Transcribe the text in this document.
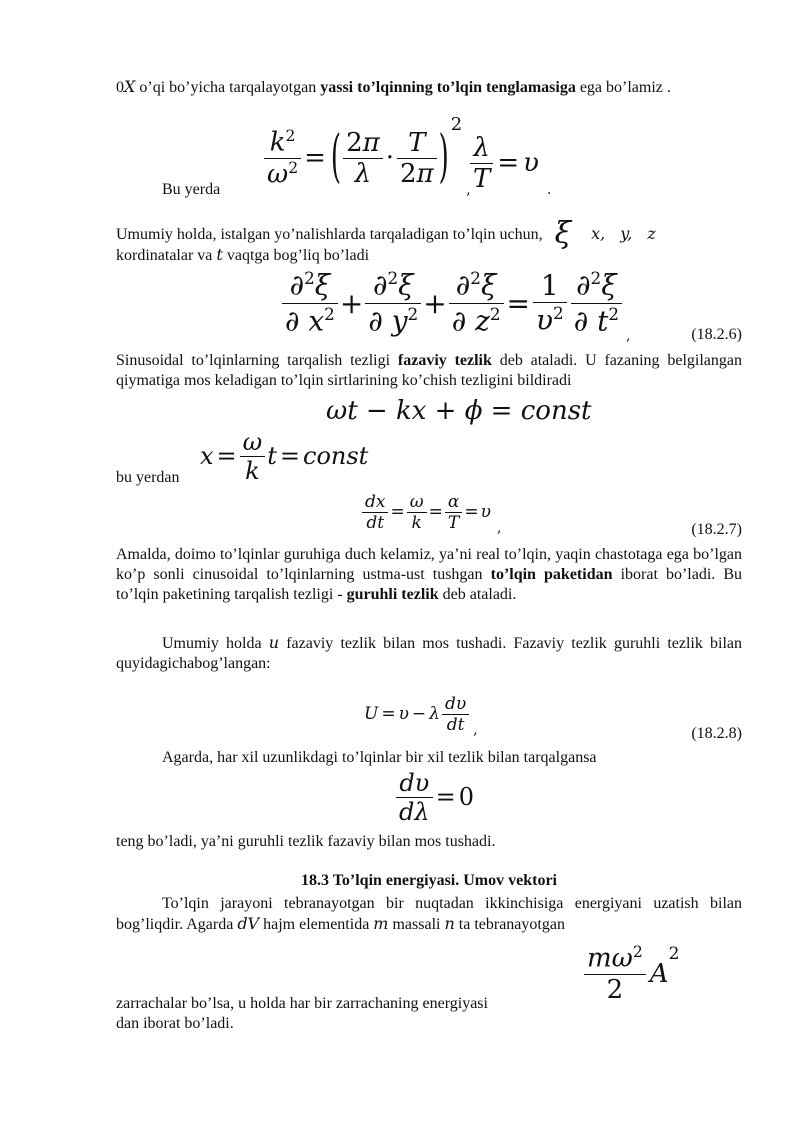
0X o’qi bo’yicha tarqalayotgan yassi to’lqinning to’lqin tenglamasiga ega bo’lamiz .
Bu yerda
$\frac{k^2}{\omega^2}$ = ( $\frac{2\pi}{\lambda} \cdot \frac{T}{2\pi}$ )
$^2$
, $\frac{\lambda}{T} = \upsilon$
.
Umumiy holda, istalgan yo’nalishlarda tarqaladigan to’lqin uchun, ξ x, y, z
kordinatalar va t vaqtga bog’liq bo’ladi
$\frac{\partial^2\xi}{\partial x^2} + \frac{\partial^2\xi}{\partial y^2} + \frac{\partial^2\xi}{\partial z^2} = \frac{1}{\upsilon^2} \frac{\partial^2\xi}{\partial t^2}$ ,	(18.2.6)
Sinusoidal to’lqinlarning tarqalish tezligi fazaviy tezlik deb ataladi. U fazaning belgilangan qiymatiga mos keladigan to’lqin sirtlarining ko’chish tezligini bildiradi
ωt − kx + ϕ = const
$x = \frac{\omega}{k}$ t = const
bu yerdan
$\frac{dx}{dt} = \frac{\omega}{k} = \frac{\alpha}{T} = \upsilon$
,	(18.2.7)
Amalda, doimo to’lqinlar guruhiga duch kelamiz, ya’ni real to’lqin, yaqin chastotaga ega bo’lgan ko’p sonli cinusoidal to’lqinlarning ustma-ust tushgan to’lqin paketidan iborat bo’ladi. Bu to’lqin paketining tarqalish tezligi - guruhli tezlik deb ataladi.
Umumiy holda u fazaviy tezlik bilan mos tushadi. Fazaviy tezlik guruhli tezlik bilan quyidagichabog’langan:
U = υ − λ $\frac{d\upsilon}{dt}$ ,	(18.2.8)
Agarda, har xil uzunlikdagi to’lqinlar bir xil tezlik bilan tarqalgansa
$\frac{d\upsilon}{d\lambda} = 0$
teng bo’ladi, ya’ni guruhli tezlik fazaviy bilan mos tushadi.
18.3 To’lqin energiyasi. Umov vektori
To’lqin jarayoni tebranayotgan bir nuqtadan ikkinchisiga energiyani uzatish bilan bog’liqdir. Agarda dV hajm elementida m massali n ta tebranayotgan
$\frac{m\omega^2}{2}$ A
$^2$
zarrachalar bo’lsa, u holda har bir zarrachaning energiyasi
dan iborat bo’ladi.
